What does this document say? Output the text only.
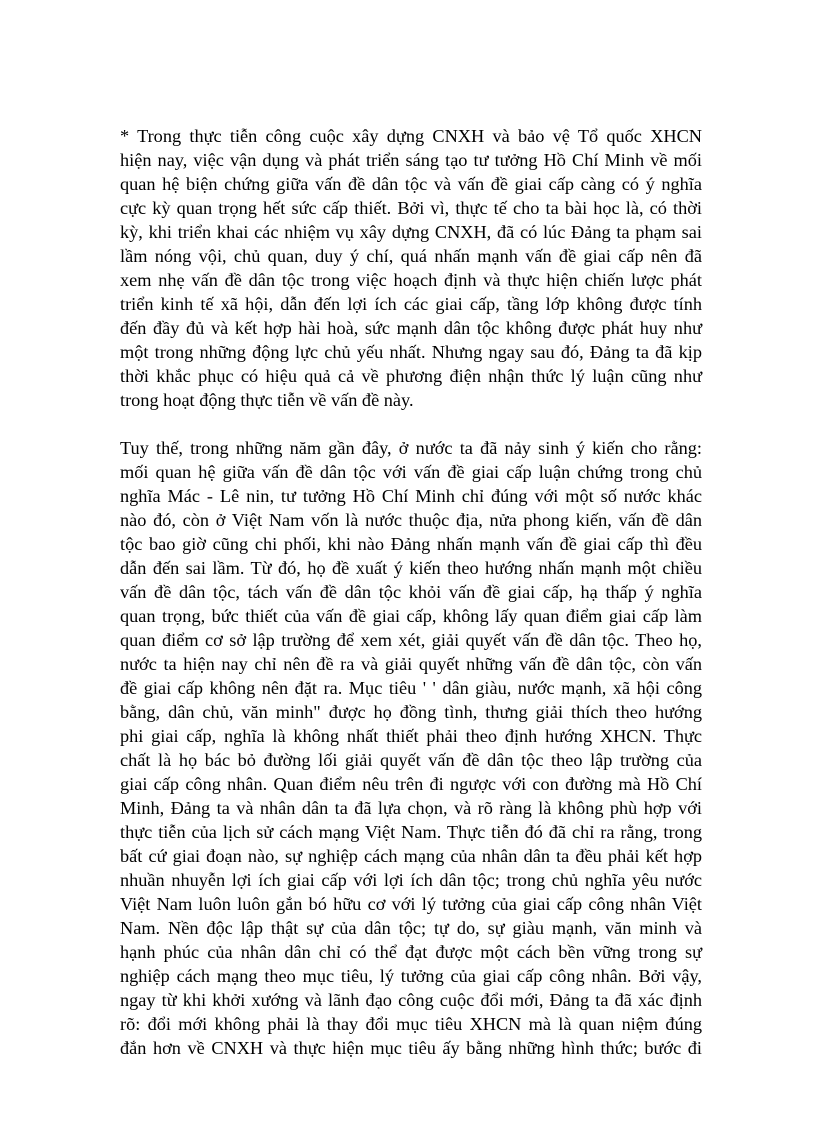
* Trong thực tiễn công cuộc xây dựng CNXH và bảo vệ Tổ quốc XHCN
hiện nay, việc vận dụng và phát triển sáng tạo tư tưởng Hồ Chí Minh về mối
quan hệ biện chứng giữa vấn đề dân tộc và vấn đề giai cấp càng có ý nghĩa
cực kỳ quan trọng hết sức cấp thiết. Bởi vì, thực tế cho ta bài học là, có thời
kỳ, khi triển khai các nhiệm vụ xây dựng CNXH, đã có lúc Đảng ta phạm sai
lầm nóng vội, chủ quan, duy ý chí, quá nhấn mạnh vấn đề giai cấp nên đã
xem nhẹ vấn đề dân tộc trong việc hoạch định và thực hiện chiến lược phát
triển kinh tế xã hội, dẫn đến lợi ích các giai cấp, tầng lớp không được tính
đến đầy đủ và kết hợp hài hoà, sức mạnh dân tộc không được phát huy như
một trong những động lực chủ yếu nhất. Nhưng ngay sau đó, Đảng ta đã kịp
thời khắc phục có hiệu quả cả về phương điện nhận thức lý luận cũng như
trong hoạt động thực tiễn về vấn đề này.
Tuy thế, trong những năm gần đây, ở nước ta đã nảy sinh ý kiến cho rằng:
mối quan hệ giữa vấn đề dân tộc với vấn đề giai cấp luận chứng trong chủ
nghĩa Mác - Lê nin, tư tưởng Hồ Chí Minh chỉ đúng với một số nước khác
nào đó, còn ở Việt Nam vốn là nước thuộc địa, nửa phong kiến, vấn đề dân
tộc bao giờ cũng chi phối, khi nào Đảng nhấn mạnh vấn đề giai cấp thì đều
dẫn đến sai lầm. Từ đó, họ đề xuất ý kiến theo hướng nhấn mạnh một chiều
vấn đề dân tộc, tách vấn đề dân tộc khỏi vấn đề giai cấp, hạ thấp ý nghĩa
quan trọng, bức thiết của vấn đề giai cấp, không lấy quan điểm giai cấp làm
quan điểm cơ sở lập trường để xem xét, giải quyết vấn đề dân tộc. Theo họ,
nước ta hiện nay chỉ nên đề ra và giải quyết những vấn đề dân tộc, còn vấn
đề giai cấp không nên đặt ra. Mục tiêu ' ' dân giàu, nước mạnh, xã hội công
bằng, dân chủ, văn minh" được họ đồng tình, thưng giải thích theo hướng
phi giai cấp, nghĩa là không nhất thiết phải theo định hướng XHCN. Thực
chất là họ bác bỏ đường lối giải quyết vấn đề dân tộc theo lập trường của
giai cấp công nhân. Quan điểm nêu trên đi ngược với con đường mà Hồ Chí
Minh, Đảng ta và nhân dân ta đã lựa chọn, và rõ ràng là không phù hợp với
thực tiễn của lịch sử cách mạng Việt Nam. Thực tiễn đó đã chỉ ra rằng, trong
bất cứ giai đoạn nào, sự nghiệp cách mạng của nhân dân ta đều phải kết hợp
nhuần nhuyễn lợi ích giai cấp với lợi ích dân tộc; trong chủ nghĩa yêu nước
Việt Nam luôn luôn gắn bó hữu cơ với lý tưởng của giai cấp công nhân Việt
Nam. Nền độc lập thật sự của dân tộc; tự do, sự giàu mạnh, văn minh và
hạnh phúc của nhân dân chỉ có thể đạt được một cách bền vững trong sự
nghiệp cách mạng theo mục tiêu, lý tưởng của giai cấp công nhân. Bởi vậy,
ngay từ khi khởi xướng và lãnh đạo công cuộc đổi mới, Đảng ta đã xác định
rõ: đổi mới không phải là thay đổi mục tiêu XHCN mà là quan niệm đúng
đắn hơn về CNXH và thực hiện mục tiêu ấy bằng những hình thức; bước đi
